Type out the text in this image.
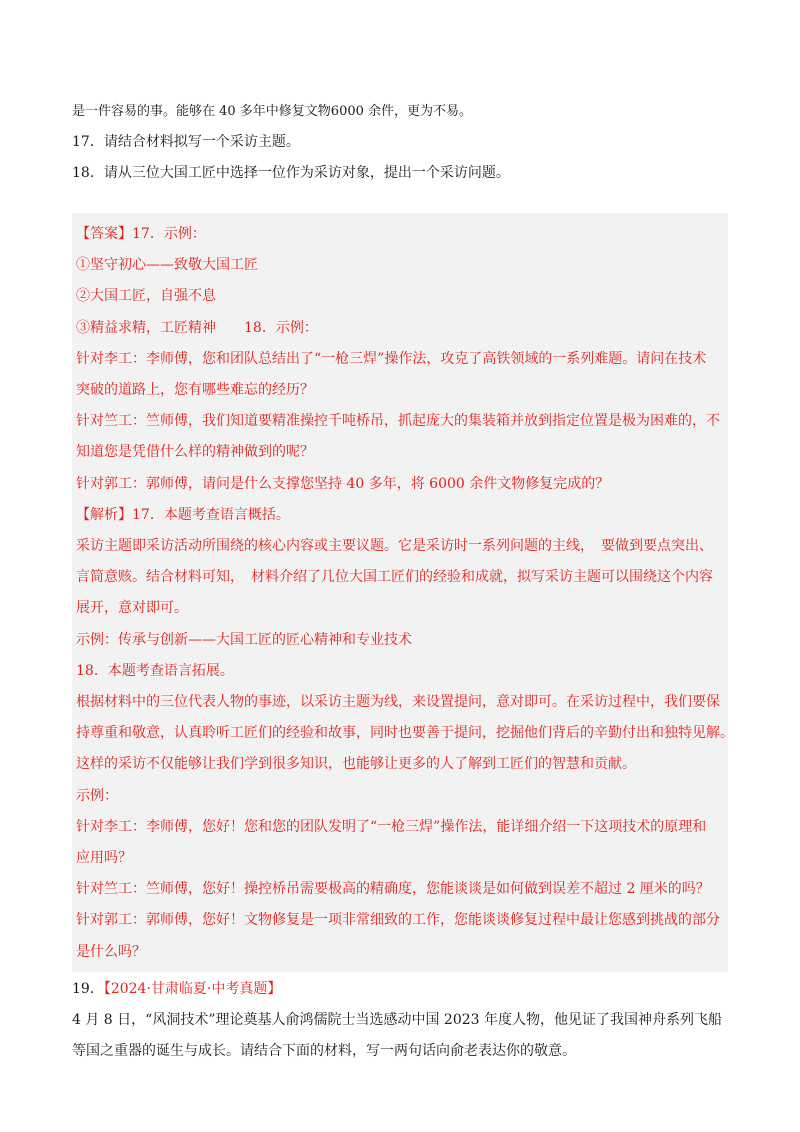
是一件容易的事。能够在 40 多年中修复文物6000 余件，更为不易。
17．请结合材料拟写一个采访主题。
18．请从三位大国工匠中选择一位作为采访对象，提出一个采访问题。
【答案】17．示例：
①坚守初心——致敬大国工匠
②大国工匠，自强不息
③精益求精，工匠精神　　18．示例：
针对李工：李师傅，您和团队总结出了“一枪三焊”操作法，攻克了高铁领域的一系列难题。请问在技术
突破的道路上，您有哪些难忘的经历？
针对竺工：竺师傅，我们知道要精准操控千吨桥吊，抓起庞大的集装箱并放到指定位置是极为困难的，不
知道您是凭借什么样的精神做到的呢？
针对郭工：郭师傅，请问是什么支撑您坚持 40 多年，将 6000 余件文物修复完成的？
【解析】17．本题考查语言概括。
采访主题即采访活动所围绕的核心内容或主要议题。它是采访时一系列问题的主线，　要做到要点突出、
言简意赅。结合材料可知，　材料介绍了几位大国工匠们的经验和成就，拟写采访主题可以围绕这个内容
展开，意对即可。
示例：传承与创新——大国工匠的匠心精神和专业技术
18．本题考查语言拓展。
根据材料中的三位代表人物的事迹，以采访主题为线，来设置提问，意对即可。在采访过程中，我们要保
持尊重和敬意，认真聆听工匠们的经验和故事，同时也要善于提问，挖掘他们背后的辛勤付出和独特见解。
这样的采访不仅能够让我们学到很多知识，也能够让更多的人了解到工匠们的智慧和贡献。
示例：
针对李工：李师傅，您好！您和您的团队发明了“一枪三焊”操作法，能详细介绍一下这项技术的原理和
应用吗？
针对竺工：竺师傅，您好！操控桥吊需要极高的精确度，您能谈谈是如何做到误差不超过 2 厘米的吗？
针对郭工：郭师傅，您好！文物修复是一项非常细致的工作，您能谈谈修复过程中最让您感到挑战的部分
是什么吗？
19．【2024·甘肃临夏·中考真题】
4 月 8 日，“风洞技术”理论奠基人俞鸿儒院士当选感动中国 2023 年度人物，他见证了我国神舟系列飞船
等国之重器的诞生与成长。请结合下面的材料，写一两句话向俞老表达你的敬意。
